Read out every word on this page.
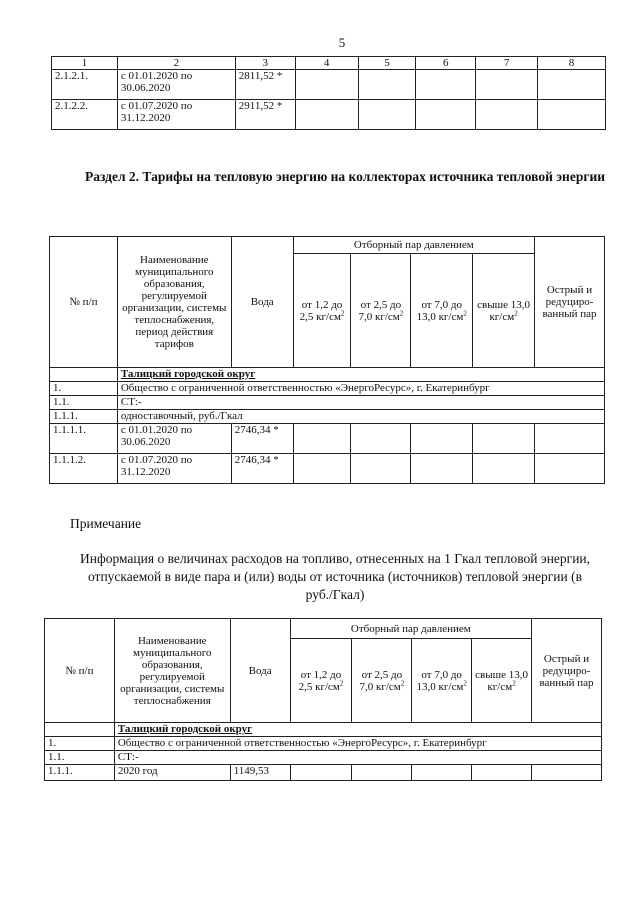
5
1	2	3	4	5	6	7	8
2.1.2.1.	с 01.01.2020 по 30.06.2020	2811,52 *					
2.1.2.2.	с 01.07.2020 по 31.12.2020	2911,52 *					
Раздел 2. Тарифы на тепловую энергию на коллекторах источника тепловой энергии
№ п/п	Наименование муниципального образования, регулируемой организации, системы теплоснабжения, период действия тарифов	Вода	Отборный пар давлением				Острый и редуциро-ванный пар
			от 1,2 до 2,5 $кг/см^2$	от 2,5 до 7,0 $кг/см^2$	от 7,0 до 13,0 $кг/см^2$	свыше 13,0 $кг/см^2$
	Талицкий городской округ						
1.	Общество с ограниченной ответственностью «ЭнергоРесурс», г. Екатеринбург						
1.1.	СТ:-						
1.1.1.	одноставочный, руб./Гкал						
1.1.1.1.	с 01.01.2020 по 30.06.2020	2746,34 *					
1.1.1.2.	с 01.07.2020 по 31.12.2020	2746,34 *					
Примечание
Информация о величинах расходов на топливо, отнесенных на 1 Гкал тепловой энергии, отпускаемой в виде пара и (или) воды от источника (источников) тепловой энергии (в руб./Гкал)
№ п/п	Наименование муниципального образования, регулируемой организации, системы теплоснабжения	Вода	Отборный пар давлением				Острый и редуциро-ванный пар
			от 1,2 до 2,5 $кг/см^2$	от 2,5 до 7,0 $кг/см^2$	от 7,0 до 13,0 $кг/см^2$	свыше 13,0 $кг/см^2$
	Талицкий городской округ						
1.	Общество с ограниченной ответственностью «ЭнергоРесурс», г. Екатеринбург						
1.1.	СТ:-						
1.1.1.	2020 год	1149,53					
